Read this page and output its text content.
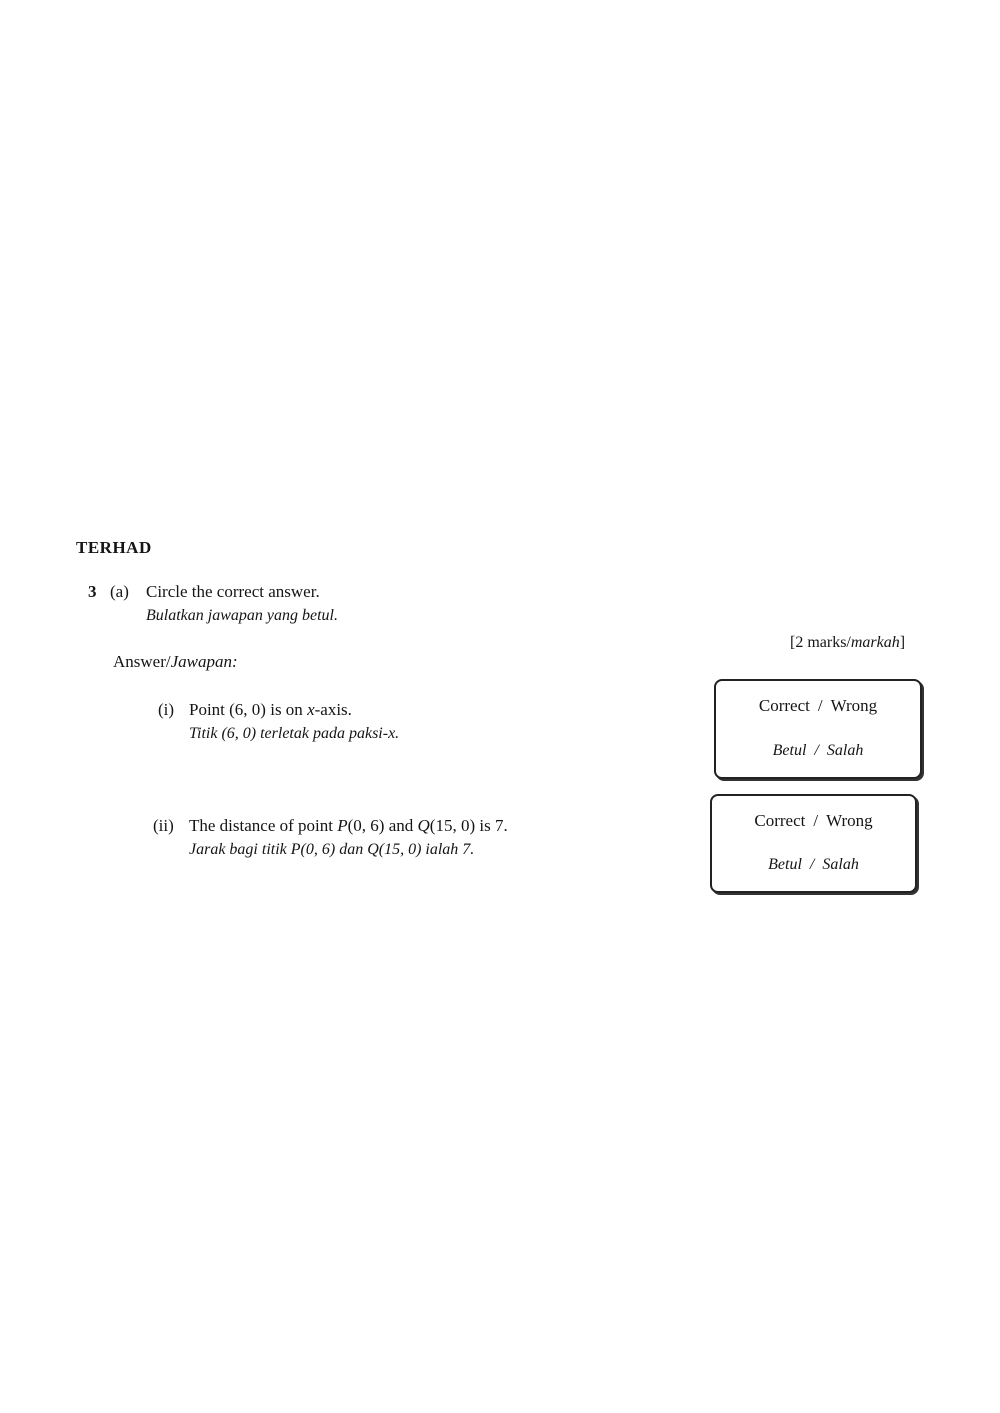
TERHAD
3 (a) Circle the correct answer.
Bulatkan jawapan yang betul.
[2 marks/markah]
Answer/Jawapan:
(i) Point (6, 0) is on x-axis.
Titik (6, 0) terletak pada paksi-x.
Correct / Wrong
Betul / Salah
(ii) The distance of point P(0, 6) and Q(15, 0) is 7.
Jarak bagi titik P(0, 6) dan Q(15, 0) ialah 7.
Correct / Wrong
Betul / Salah
